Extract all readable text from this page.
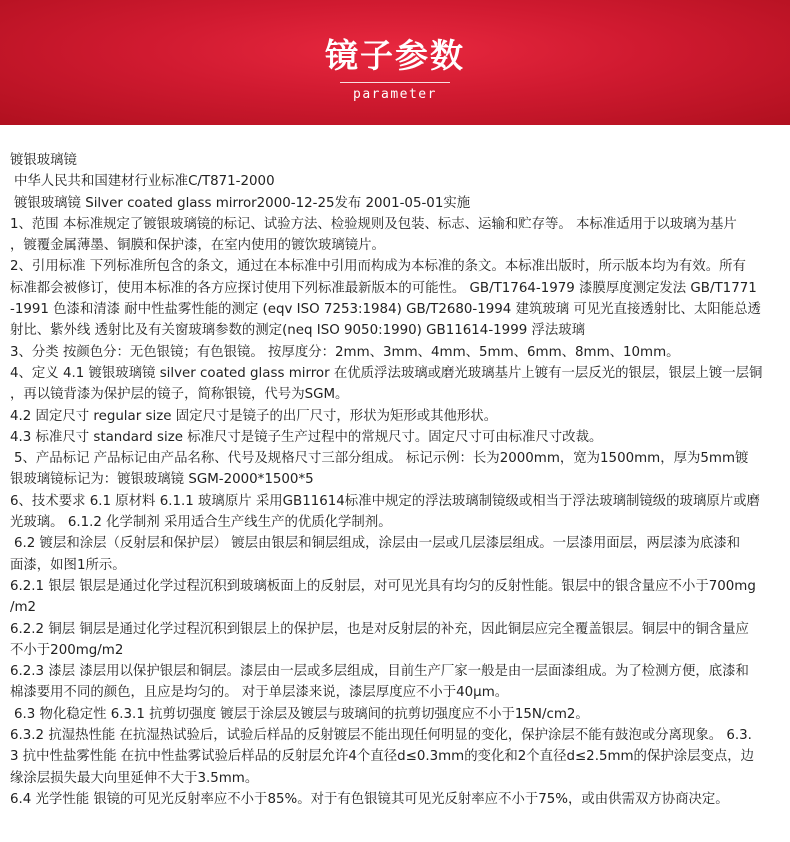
镜子参数
parameter
镀银玻璃镜
中华人民共和国建材行业标准C/T871-2000
镀银玻璃镜 Silver coated glass mirror2000-12-25发布 2001-05-01实施
1、范围 本标准规定了镀银玻璃镜的标记、试验方法、检验规则及包装、标志、运输和贮存等。 本标准适用于以玻璃为基片
，镀覆金属薄墨、铜膜和保护漆，在室内使用的镀饮玻璃镜片。
2、引用标准 下列标准所包含的条文，通过在本标准中引用而构成为本标准的条文。本标准出版时，所示版本均为有效。所有
标准都会被修订，使用本标准的各方应探讨使用下列标准最新版本的可能性。 GB/T1764-1979 漆膜厚度测定发法 GB/T1771
-1991 色漆和清漆 耐中性盐雾性能的测定 (eqv ISO 7253:1984) GB/T2680-1994 建筑玻璃 可见光直接透射比、太阳能总透
射比、紫外线 透射比及有关窗玻璃参数的测定(neq ISO 9050:1990) GB11614-1999 浮法玻璃
3、分类 按颜色分：无色银镜；有色银镜。 按厚度分：2mm、3mm、4mm、5mm、6mm、8mm、10mm。
4、定义 4.1 镀银玻璃镜 silver coated glass mirror 在优质浮法玻璃或磨光玻璃基片上镀有一层反光的银层，银层上镀一层铜
，再以镜背漆为保护层的镜子，简称银镜，代号为SGM。
4.2 固定尺寸 regular size 固定尺寸是镜子的出厂尺寸，形状为矩形或其他形状。
4.3 标准尺寸 standard size 标准尺寸是镜子生产过程中的常规尺寸。固定尺寸可由标准尺寸改裁。
5、产品标记 产品标记由产品名称、代号及规格尺寸三部分组成。 标记示例：长为2000mm，宽为1500mm，厚为5mm镀
银玻璃镜标记为：镀银玻璃镜 SGM-2000*1500*5
6、技术要求 6.1 原材料 6.1.1 玻璃原片 采用GB11614标准中规定的浮法玻璃制镜级或相当于浮法玻璃制镜级的玻璃原片或磨
光玻璃。 6.1.2 化学制剂 采用适合生产线生产的优质化学制剂。
6.2 镀层和涂层（反射层和保护层） 镀层由银层和铜层组成，涂层由一层或几层漆层组成。一层漆用面层，两层漆为底漆和
面漆，如图1所示。
6.2.1 银层 银层是通过化学过程沉积到玻璃板面上的反射层，对可见光具有均匀的反射性能。银层中的银含量应不小于700mg
/m2
6.2.2 铜层 铜层是通过化学过程沉积到银层上的保护层，也是对反射层的补充，因此铜层应完全覆盖银层。铜层中的铜含量应
不小于200mg/m2
6.2.3 漆层 漆层用以保护银层和铜层。漆层由一层或多层组成，目前生产厂家一般是由一层面漆组成。为了检测方便，底漆和
棉漆要用不同的颜色，且应是均匀的。 对于单层漆来说，漆层厚度应不小于40μm。
6.3 物化稳定性 6.3.1 抗剪切强度 镀层于涂层及镀层与玻璃间的抗剪切强度应不小于15N/cm2。
6.3.2 抗湿热性能 在抗湿热试验后，试验后样品的反射镀层不能出现任何明显的变化，保护涂层不能有鼓泡或分离现象。 6.3.
3 抗中性盐雾性能 在抗中性盐雾试验后样品的反射层允许4个直径d≤0.3mm的变化和2个直径d≤2.5mm的保护涂层变点，边
缘涂层损失最大向里延伸不大于3.5mm。
6.4 光学性能 银镜的可见光反射率应不小于85%。对于有色银镜其可见光反射率应不小于75%，或由供需双方协商决定。
